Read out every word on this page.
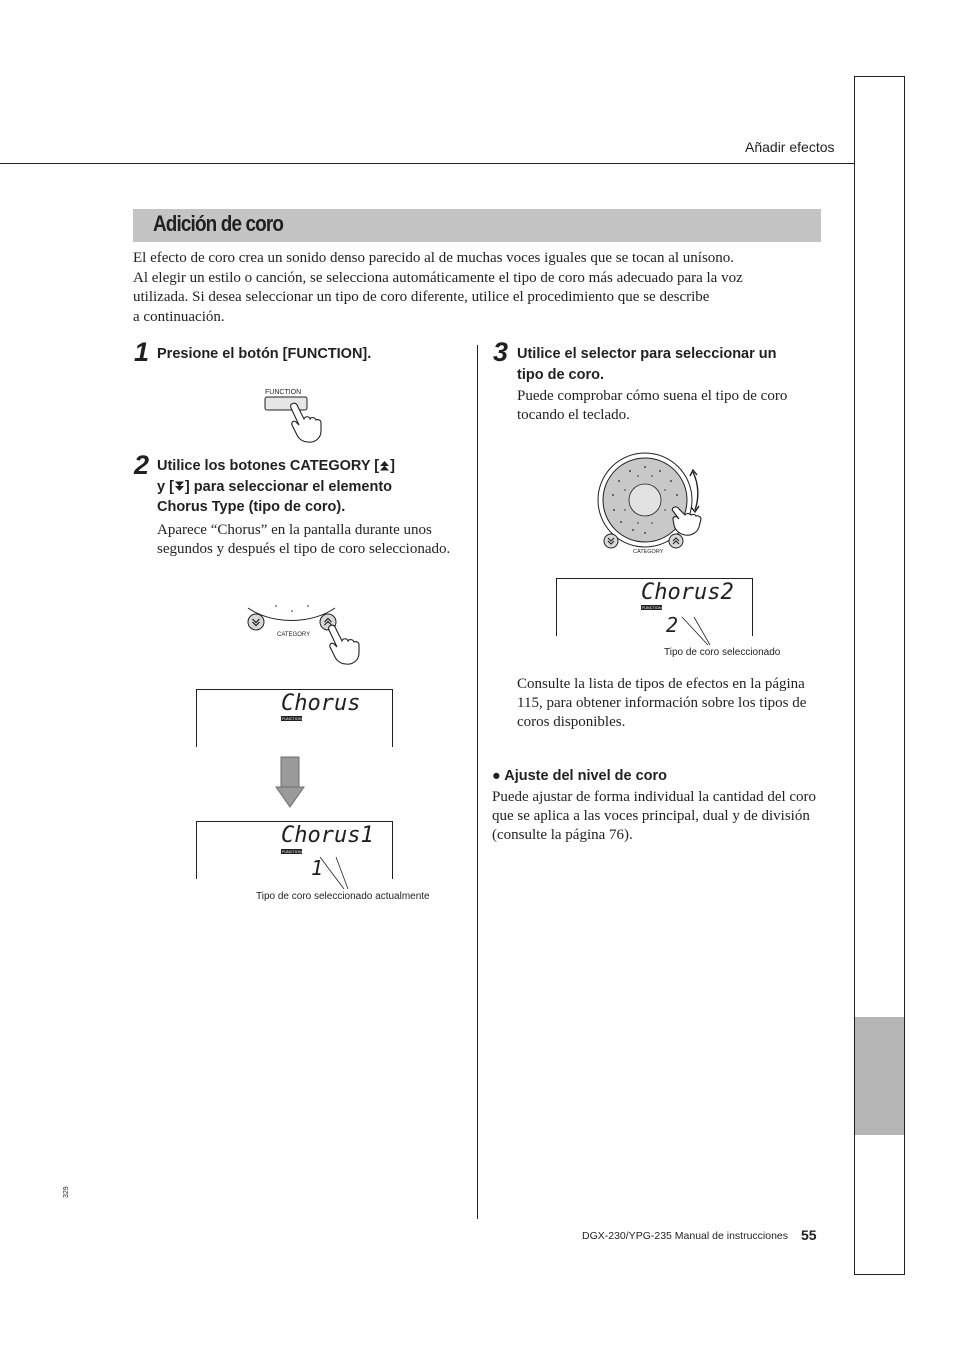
Añadir efectos
Adición de coro

El efecto de coro crea un sonido denso parecido al de muchas voces iguales que se tocan al unísono.

Al elegir un estilo o canción, se selecciona automáticamente el tipo de coro más adecuado para la voz

utilizada. Si desea seleccionar un tipo de coro diferente, utilice el procedimiento que se describe

a continuación.

1 Presione el botón [FUNCTION].
FUNCTION
2 Utilice los botones CATEGORY [ ]
y [ ] para seleccionar el elemento
Chorus Type (tipo de coro).
Aparece “Chorus” en la pantalla durante unos segundos y después el tipo de coro seleccionado.
CATEGORY
Chorus
FUNCTION
Chorus1
FUNCTION
1
Tipo de coro seleccionado actualmente
3 Utilice el selector para seleccionar un tipo de coro.
Puede comprobar cómo suena el tipo de coro tocando el teclado.
CATEGORY
Chorus2
FUNCTION
2
Tipo de coro seleccionado
Consulte la lista de tipos de efectos en la página 115, para obtener información sobre los tipos de coros disponibles.
● Ajuste del nivel de coro
Puede ajustar de forma individual la cantidad del coro que se aplica a las voces principal, dual y de división (consulte la página 76).
329
DGX-230/YPG-235 Manual de instrucciones 55
